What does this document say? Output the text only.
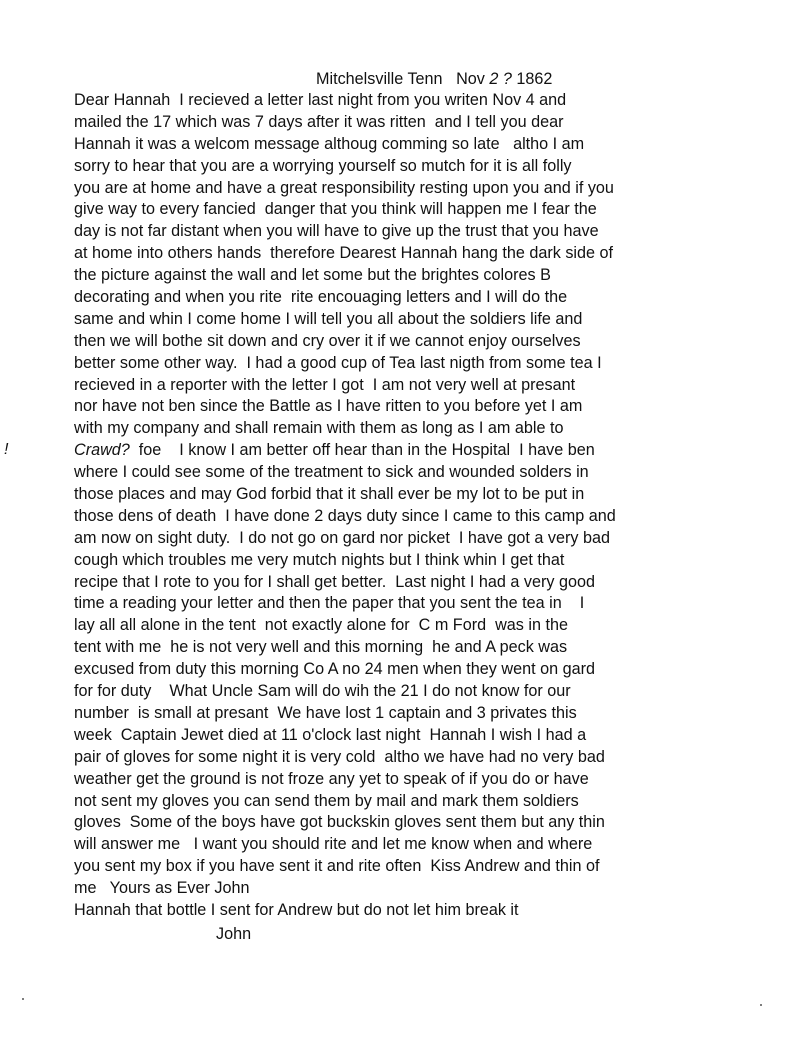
Mitchelsville Tenn Nov 2 ? 1862
!
Dear Hannah  I recieved a letter last night from you writen Nov 4 and
mailed the 17 which was 7 days after it was ritten  and I tell you dear
Hannah it was a welcom message althoug comming so late   altho I am
sorry to hear that you are a worrying yourself so mutch for it is all folly
you are at home and have a great responsibility resting upon you and if you
give way to every fancied  danger that you think will happen me I fear the
day is not far distant when you will have to give up the trust that you have
at home into others hands  therefore Dearest Hannah hang the dark side of
the picture against the wall and let some but the brightes colores B
decorating and when you rite  rite encouaging letters and I will do the
same and whin I come home I will tell you all about the soldiers life and
then we will bothe sit down and cry over it if we cannot enjoy ourselves
better some other way.  I had a good cup of Tea last nigth from some tea I
recieved in a reporter with the letter I got  I am not very well at presant
nor have not ben since the Battle as I have ritten to you before yet I am
with my company and shall remain with them as long as I am able to
Crawd?  foe    I know I am better off hear than in the Hospital  I have ben
where I could see some of the treatment to sick and wounded solders in
those places and may God forbid that it shall ever be my lot to be put in
those dens of death  I have done 2 days duty since I came to this camp and
am now on sight duty.  I do not go on gard nor picket  I have got a very bad
cough which troubles me very mutch nights but I think whin I get that
recipe that I rote to you for I shall get better.  Last night I had a very good
time a reading your letter and then the paper that you sent the tea in    I
lay all all alone in the tent  not exactly alone for  C m Ford  was in the
tent with me  he is not very well and this morning  he and A peck was
excused from duty this morning Co A no 24 men when they went on gard
for for duty    What Uncle Sam will do wih the 21 I do not know for our
number  is small at presant  We have lost 1 captain and 3 privates this
week  Captain Jewet died at 11 o'clock last night  Hannah I wish I had a
pair of gloves for some night it is very cold  altho we have had no very bad
weather get the ground is not froze any yet to speak of if you do or have
not sent my gloves you can send them by mail and mark them soldiers
gloves  Some of the boys have got buckskin gloves sent them but any thin
will answer me   I want you should rite and let me know when and where
you sent my box if you have sent it and rite often  Kiss Andrew and thin of
me   Yours as Ever John
Hannah that bottle I sent for Andrew but do not let him break it
John
